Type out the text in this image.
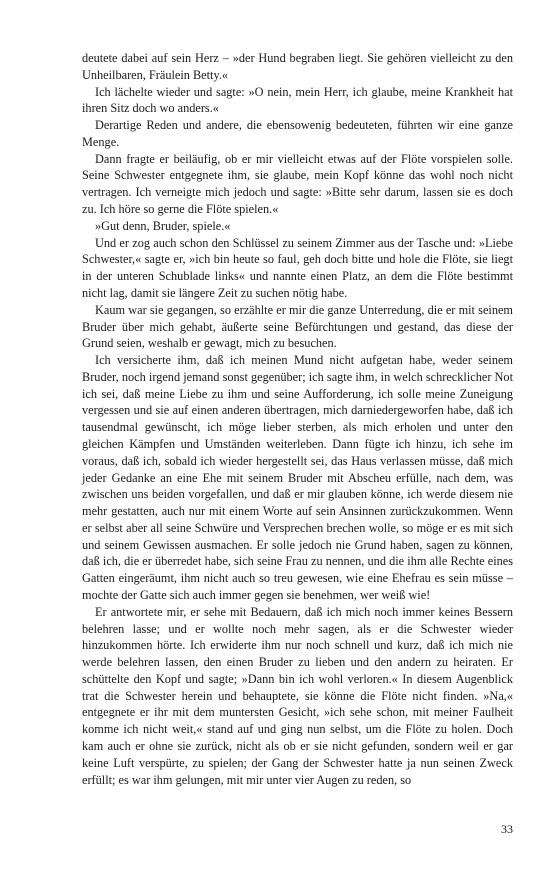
deutete dabei auf sein Herz – »der Hund begraben liegt. Sie gehören vielleicht zu den Unheilbaren, Fräulein Betty.«

Ich lächelte wieder und sagte: »O nein, mein Herr, ich glaube, meine Krankheit hat ihren Sitz doch wo anders.«

Derartige Reden und andere, die ebensowenig bedeuteten, führten wir eine ganze Menge.

Dann fragte er beiläufig, ob er mir vielleicht etwas auf der Flöte vorspielen solle. Seine Schwester entgegnete ihm, sie glaube, mein Kopf könne das wohl noch nicht vertragen. Ich verneigte mich jedoch und sagte: »Bitte sehr darum, lassen sie es doch zu. Ich höre so gerne die Flöte spielen.«

»Gut denn, Bruder, spiele.«

Und er zog auch schon den Schlüssel zu seinem Zimmer aus der Tasche und: »Liebe Schwester,« sagte er, »ich bin heute so faul, geh doch bitte und hole die Flöte, sie liegt in der unteren Schublade links« und nannte einen Platz, an dem die Flöte bestimmt nicht lag, damit sie längere Zeit zu suchen nötig habe.

Kaum war sie gegangen, so erzählte er mir die ganze Unterredung, die er mit seinem Bruder über mich gehabt, äußerte seine Befürchtungen und gestand, das diese der Grund seien, weshalb er gewagt, mich zu besuchen.

Ich versicherte ihm, daß ich meinen Mund nicht aufgetan habe, weder seinem Bruder, noch irgend jemand sonst gegenüber; ich sagte ihm, in welch schrecklicher Not ich sei, daß meine Liebe zu ihm und seine Aufforderung, ich solle meine Zuneigung vergessen und sie auf einen anderen übertragen, mich darniedergeworfen habe, daß ich tausendmal gewünscht, ich möge lieber sterben, als mich erholen und unter den gleichen Kämpfen und Umständen weiterleben. Dann fügte ich hinzu, ich sehe im voraus, daß ich, sobald ich wieder hergestellt sei, das Haus verlassen müsse, daß mich jeder Gedanke an eine Ehe mit seinem Bruder mit Abscheu erfülle, nach dem, was zwischen uns beiden vorgefallen, und daß er mir glauben könne, ich werde diesem nie mehr gestatten, auch nur mit einem Worte auf sein Ansinnen zurückzukommen. Wenn er selbst aber all seine Schwüre und Versprechen brechen wolle, so möge er es mit sich und seinem Gewissen ausmachen. Er solle jedoch nie Grund haben, sagen zu können, daß ich, die er überredet habe, sich seine Frau zu nennen, und die ihm alle Rechte eines Gatten eingeräumt, ihm nicht auch so treu gewesen, wie eine Ehefrau es sein müsse – mochte der Gatte sich auch immer gegen sie benehmen, wer weiß wie!

Er antwortete mir, er sehe mit Bedauern, daß ich mich noch immer keines Bessern belehren lasse; und er wollte noch mehr sagen, als er die Schwester wieder hinzukommen hörte. Ich erwiderte ihm nur noch schnell und kurz, daß ich mich nie werde belehren lassen, den einen Bruder zu lieben und den andern zu heiraten. Er schüttelte den Kopf und sagte; »Dann bin ich wohl verloren.« In diesem Augenblick trat die Schwester herein und behauptete, sie könne die Flöte nicht finden. »Na,« entgegnete er ihr mit dem muntersten Gesicht, »ich sehe schon, mit meiner Faulheit komme ich nicht weit,« stand auf und ging nun selbst, um die Flöte zu holen. Doch kam auch er ohne sie zurück, nicht als ob er sie nicht gefunden, sondern weil er gar keine Luft verspürte, zu spielen; der Gang der Schwester hatte ja nun seinen Zweck erfüllt; es war ihm gelungen, mit mir unter vier Augen zu reden, so

33
